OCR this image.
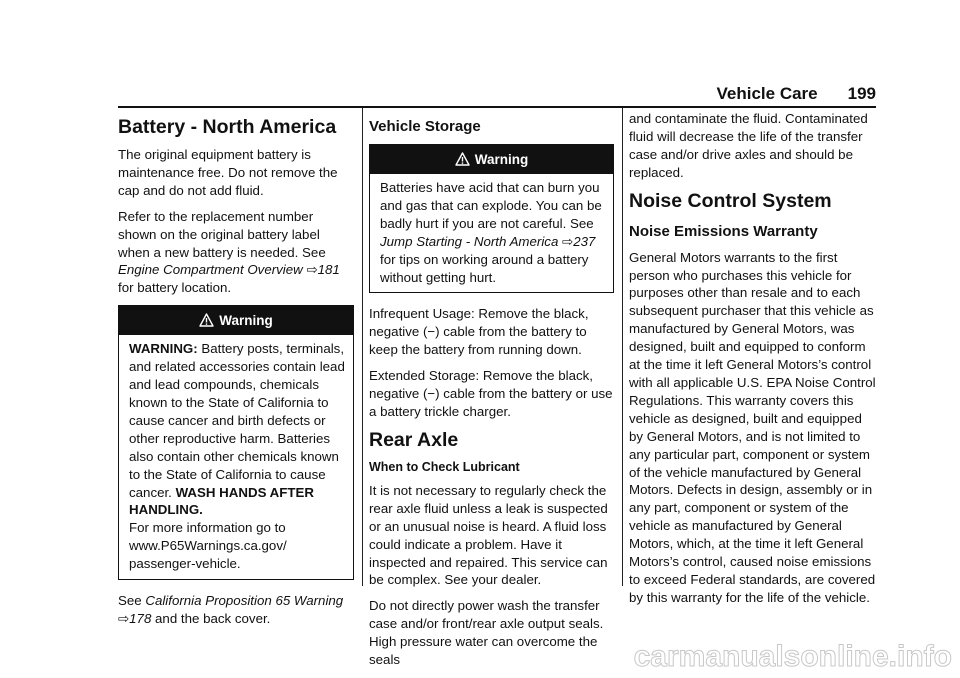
Vehicle Care 199
Battery - North America

The original equipment battery is maintenance free. Do not remove the cap and do not add fluid.

Refer to the replacement number shown on the original battery label when a new battery is needed. See Engine Compartment Overview ⇨181 for battery location.

Warning
WARNING: Battery posts, terminals, and related accessories contain lead and lead compounds, chemicals known to the State of California to cause cancer and birth defects or other reproductive harm. Batteries also contain other chemicals known to the State of California to cause cancer. WASH HANDS AFTER HANDLING.
For more information go to www.P65Warnings.ca.gov/ passenger-vehicle.

See California Proposition 65 Warning ⇨178 and the back cover.

Vehicle Storage
Warning
Batteries have acid that can burn you and gas that can explode. You can be badly hurt if you are not careful. See Jump Starting - North America ⇨237 for tips on working around a battery without getting hurt.

Infrequent Usage: Remove the black, negative (−) cable from the battery to keep the battery from running down.

Extended Storage: Remove the black, negative (−) cable from the battery or use a battery trickle charger.

Rear Axle
When to Check Lubricant

It is not necessary to regularly check the rear axle fluid unless a leak is suspected or an unusual noise is heard. A fluid loss could indicate a problem. Have it inspected and repaired. This service can be complex. See your dealer.

Do not directly power wash the transfer case and/or front/rear axle output seals. High pressure water can overcome the seals

and contaminate the fluid. Contaminated fluid will decrease the life of the transfer case and/or drive axles and should be replaced.

Noise Control System
Noise Emissions Warranty

General Motors warrants to the first person who purchases this vehicle for purposes other than resale and to each subsequent purchaser that this vehicle as manufactured by General Motors, was designed, built and equipped to conform at the time it left General Motors’s control with all applicable U.S. EPA Noise Control Regulations. This warranty covers this vehicle as designed, built and equipped by General Motors, and is not limited to any particular part, component or system of the vehicle manufactured by General Motors. Defects in design, assembly or in any part, component or system of the vehicle as manufactured by General Motors, which, at the time it left General Motors’s control, caused noise emissions to exceed Federal standards, are covered by this warranty for the life of the vehicle.

carmanualsonline.info
